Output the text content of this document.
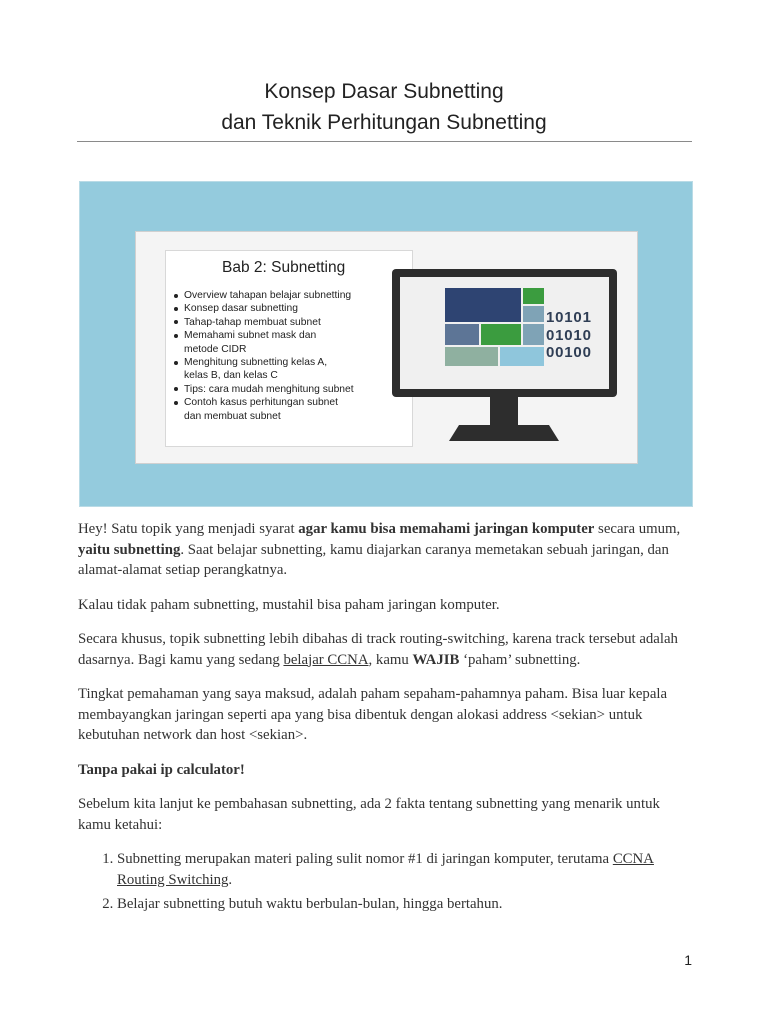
Konsep Dasar Subnetting
dan Teknik Perhitungan Subnetting
Bab 2: Subnetting
Overview tahapan belajar subnetting
Konsep dasar subnetting
Tahap-tahap membuat subnet
Memahami subnet mask dan
metode CIDR
Menghitung subnetting kelas A,
kelas B, dan kelas C
Tips: cara mudah menghitung subnet
Contoh kasus perhitungan subnet
dan membuat subnet
10101
01010
00100

Hey! Satu topik yang menjadi syarat agar kamu bisa memahami jaringan komputer secara umum, yaitu subnetting. Saat belajar subnetting, kamu diajarkan caranya memetakan sebuah jaringan, dan alamat-alamat setiap perangkatnya.

Kalau tidak paham subnetting, mustahil bisa paham jaringan komputer.

Secara khusus, topik subnetting lebih dibahas di track routing-switching, karena track tersebut adalah dasarnya. Bagi kamu yang sedang belajar CCNA, kamu WAJIB ‘paham’ subnetting.

Tingkat pemahaman yang saya maksud, adalah paham sepaham-pahamnya paham. Bisa luar kepala membayangkan jaringan seperti apa yang bisa dibentuk dengan alokasi address <sekian> untuk kebutuhan network dan host <sekian>.

Tanpa pakai ip calculator!

Sebelum kita lanjut ke pembahasan subnetting, ada 2 fakta tentang subnetting yang menarik untuk kamu ketahui:

1. Subnetting merupakan materi paling sulit nomor #1 di jaringan komputer, terutama CCNA Routing Switching.
2. Belajar subnetting butuh waktu berbulan-bulan, hingga bertahun.
1
